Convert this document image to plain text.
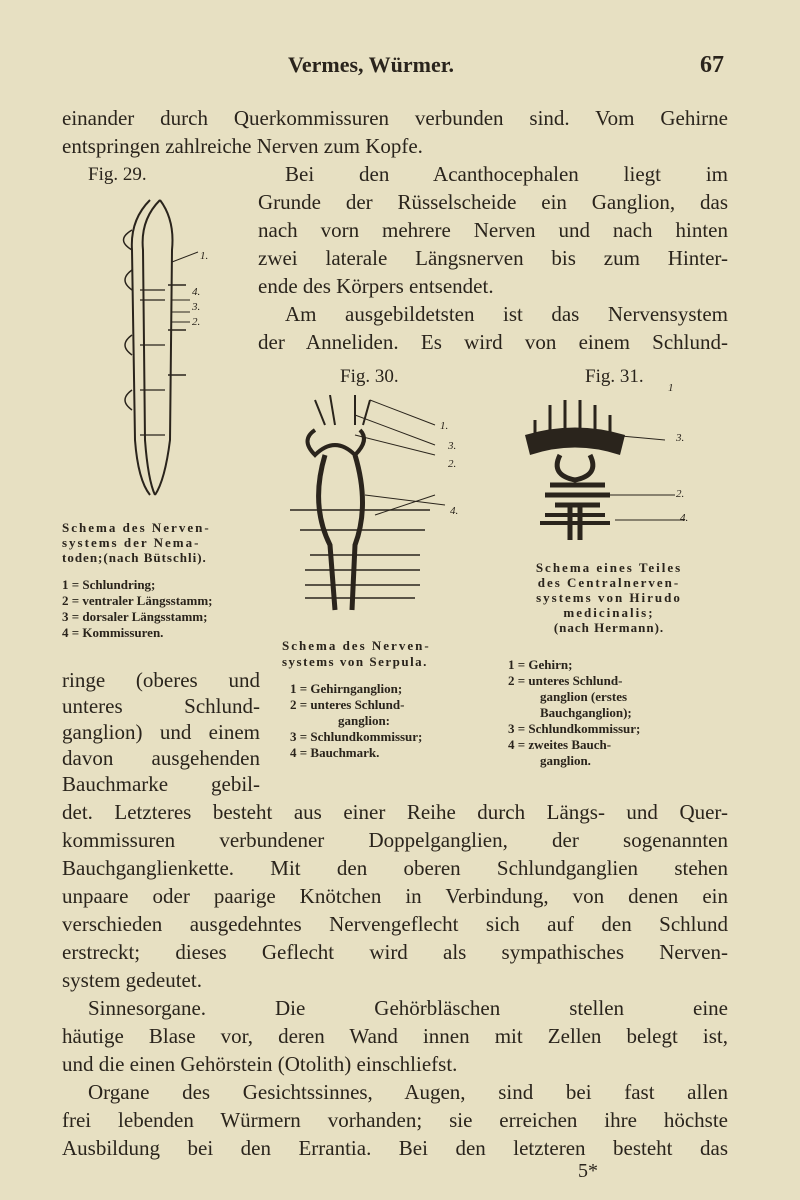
Vermes, Würmer.	67
einander durch Querkommissuren verbunden sind. Vom Gehirne
entspringen zahlreiche Nerven zum Kopfe.
Bei den Acanthocephalen liegt im
Grunde der Rüsselscheide ein Ganglion, das
nach vorn mehrere Nerven und nach hinten
zwei laterale Längsnerven bis zum Hinter-
ende des Körpers entsendet.
Am ausgebildetsten ist das Nervensystem
der Anneliden. Es wird von einem Schlund-
Fig. 29.
1.
4.
3.
2.
Schema des Nerven-
systems der Nema-
toden;(nach Bütschli).
1 = Schlundring;
2 = ventraler Längsstamm;
3 = dorsaler Längsstamm;
4 = Kommissuren.
Fig. 30.
1.
3.
2.
4.
Schema des Nerven-
systems von Serpula.
1 = Gehirnganglion;
2 = unteres Schlund-
ganglion:
3 = Schlundkommissur;
4 = Bauchmark.
Fig. 31.
1
3.
2.
4.
Schema eines Teiles
des Centralnerven-
systems von Hirudo
medicinalis;
(nach Hermann).
1 = Gehirn;
2 = unteres Schlund-
ganglion (erstes
Bauchganglion);
3 = Schlundkommissur;
4 = zweites Bauch-
ganglion.
ringe (oberes und
unteres Schlund-
ganglion) und einem
davon ausgehenden
Bauchmarke gebil-
det. Letzteres besteht aus einer Reihe durch Längs- und Quer-
kommissuren verbundener Doppelganglien, der sogenannten
Bauchganglienkette. Mit den oberen Schlundganglien stehen
unpaare oder paarige Knötchen in Verbindung, von denen ein
verschieden ausgedehntes Nervengeflecht sich auf den Schlund
erstreckt; dieses Geflecht wird als sympathisches Nerven-
system gedeutet.
Sinnesorgane. Die Gehörbläschen stellen eine
häutige Blase vor, deren Wand innen mit Zellen belegt ist,
und die einen Gehörstein (Otolith) einschliefst.
Organe des Gesichtssinnes, Augen, sind bei fast allen
frei lebenden Würmern vorhanden; sie erreichen ihre höchste
Ausbildung bei den Errantia. Bei den letzteren besteht das
5*
